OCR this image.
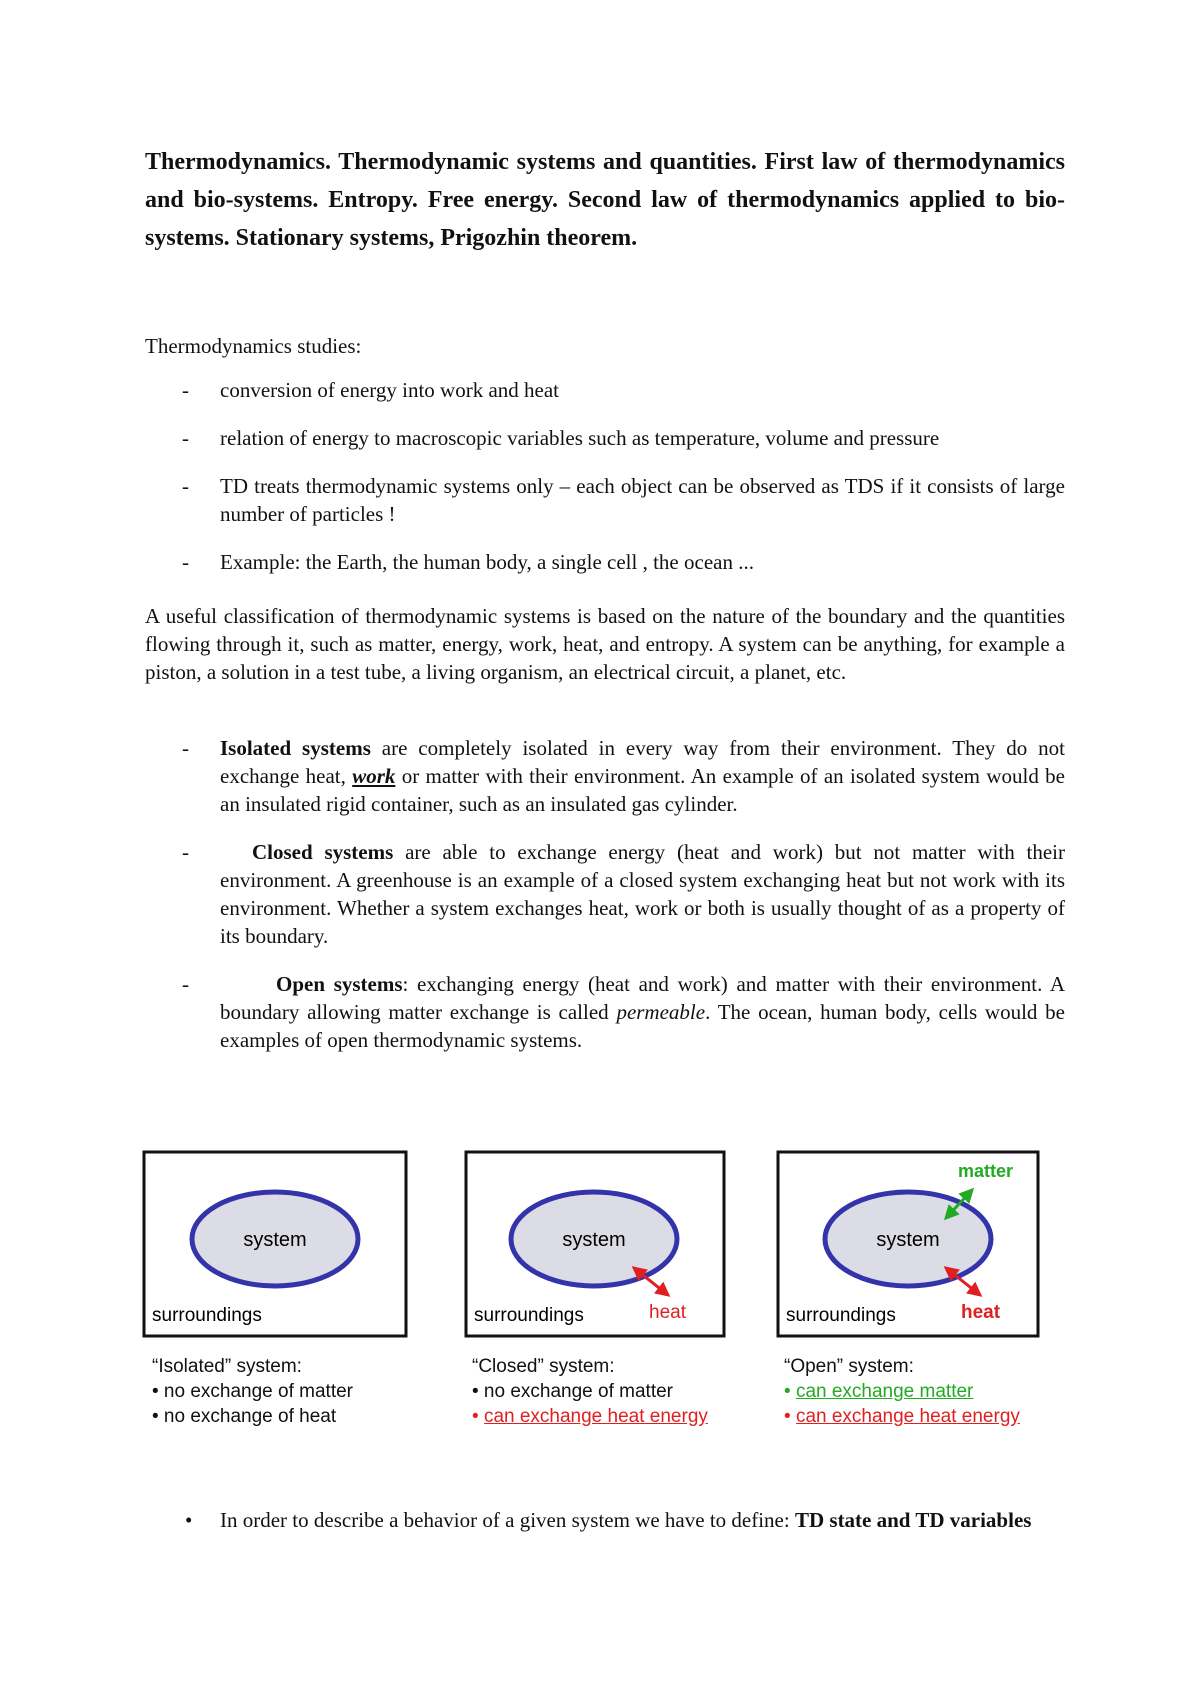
Thermodynamics. Thermodynamic systems and quantities. First law of thermodynamics and bio-systems. Entropy. Free energy. Second law of thermodynamics applied to bio-systems. Stationary systems, Prigozhin theorem.
Thermodynamics studies:
- conversion of energy into work and heat
- relation of energy to macroscopic variables such as temperature, volume and pressure
- TD treats thermodynamic systems only – each object can be observed as TDS if it consists of large number of particles !
- Example: the Earth, the human body, a single cell , the ocean ...
A useful classification of thermodynamic systems is based on the nature of the boundary and the quantities flowing through it, such as matter, energy, work, heat, and entropy. A system can be anything, for example a piston, a solution in a test tube, a living organism, an electrical circuit, a planet, etc.
- Isolated systems are completely isolated in every way from their environment. They do not exchange heat, work or matter with their environment. An example of an isolated system would be an insulated rigid container, such as an insulated gas cylinder.
-	Closed systems are able to exchange energy (heat and work) but not matter with their environment. A greenhouse is an example of a closed system exchanging heat but not work with its environment. Whether a system exchanges heat, work or both is usually thought of as a property of its boundary.
-	Open systems: exchanging energy (heat and work) and matter with their environment. A boundary allowing matter exchange is called permeable. The ocean, human body, cells would be examples of open thermodynamic systems.
system
surroundings
system
surroundings	heat
system
matter
surroundings	heat
“Isolated” system:
• no exchange of matter
• no exchange of heat
“Closed” system:
• no exchange of matter
• can exchange heat energy
“Open” system:
• can exchange matter
• can exchange heat energy
• In order to describe a behavior of a given system we have to define: TD state and TD variables
